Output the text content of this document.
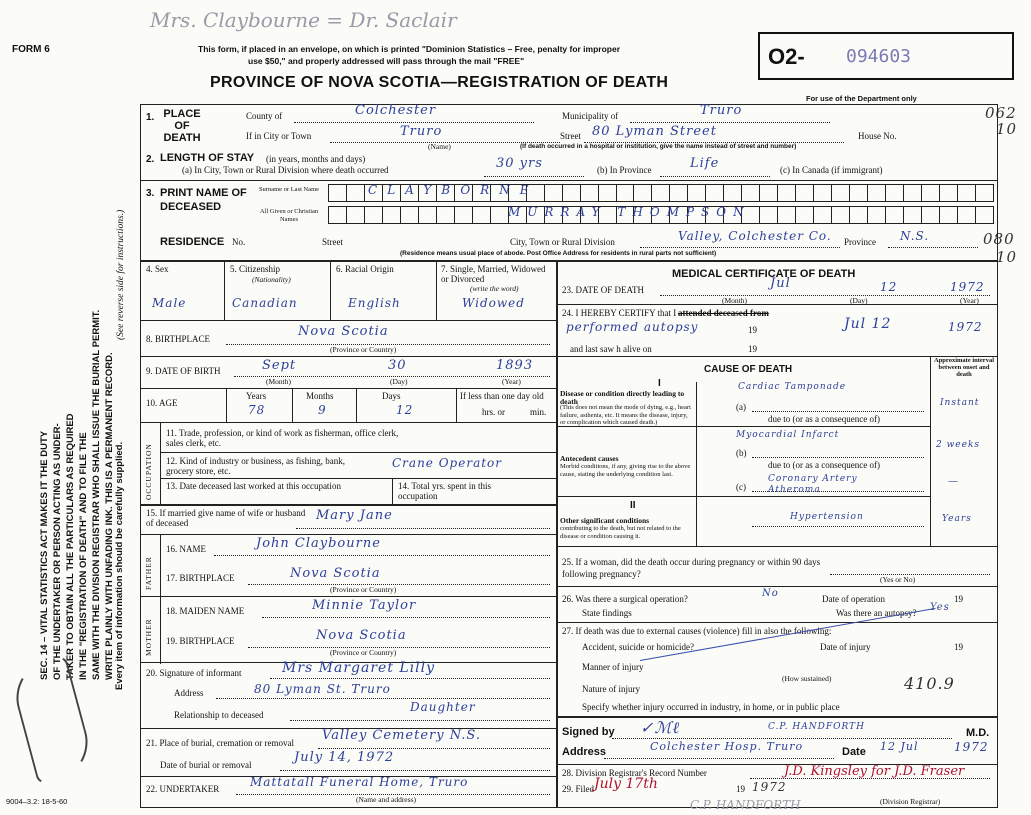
FORM 6
Mrs. Claybourne = Dr. Saclair
This form, if placed in an envelope, on which is printed "Dominion Statistics – Free, penalty for improper
use $50," and properly addressed will pass through the mail "FREE"
PROVINCE OF NOVA SCOTIA—REGISTRATION OF DEATH
O2- 094603
For use of the Department only
062
10
080
10
SEC. 14 – VITAL STATISTICS ACT MAKES IT THE DUTY OF THE UNDERTAKER OR PERSON ACTING AS UNDER- TAKER TO OBTAIN ALL THE PARTICULARS AS REQUIRED IN THE "REGISTRATION OF DEATH" AND TO FILE THE SAME WITH THE DIVISION REGISTRAR WHO SHALL ISSUE THE BURIAL PERMIT. WRITE PLAINLY WITH UNFADING INK. THIS IS A PERMANENT RECORD. Every item of information should be carefully supplied.
(See reverse side for instructions.)
9004–3.2: 18-5-60
1. PLACE OF DEATH
County of	Colchester	Municipality of	Truro
If in City or Town	Truro
(Name)
Street 80 Lyman Street	House No.
(If death occurred in a hospital or institution, give the name instead of street and number)
2. LENGTH OF STAY (in years, months and days)
(a) In City, Town or Rural Division where death occurred	30 yrs	(b) In Province	Life	(c) In Canada (if immigrant)
3. PRINT NAME OF DECEASED
Surname or Last Name
All Given or Christian Names
CLAYBORNE
MURRAY THOMPSON
RESIDENCE No.	Street	City, Town or Rural Division	Valley, Colchester Co. Province N.S.
(Residence means usual place of abode. Post Office Address for residents in rural parts not sufficient)
4. Sex	5. Citizenship
(Nationality)
6. Racial Origin	7. Single, Married, Widowed or Divorced
(write the word)
Male	Canadian	English	Widowed
8. BIRTHPLACE	Nova Scotia
(Province or Country)
9. DATE OF BIRTH	Sept	30	1893
(Month)	(Day)	(Year)
10. AGE
Years	Months	Days
78	9	12
If less than one day old
hrs. or	min.
OCCUPATION
11. Trade, profession, or kind of work as fisherman, office clerk, sales clerk, etc.
12. Kind of industry or business, as fishing, bank, grocery store, etc.
Crane Operator
13. Date deceased last worked at this occupation	14. Total yrs. spent in this occupation
15. If married give name of wife or husband of deceased	Mary Jane
FATHER
16. NAME	John Claybourne
17. BIRTHPLACE	Nova Scotia
(Province or Country)
MOTHER
18. MAIDEN NAME	Minnie Taylor
19. BIRTHPLACE	Nova Scotia
(Province or Country)
20. Signature of informant	Mrs Margaret Lilly
Address	80 Lyman St. Truro
Relationship to deceased
Daughter
21. Place of burial, cremation or removal Valley Cemetery N.S.
Date of burial or removal	July 14, 1972
22. UNDERTAKER	Mattatall Funeral Home, Truro
(Name and address)
MEDICAL CERTIFICATE OF DEATH
23. DATE OF DEATH	Jul	12	1972
(Month)	(Day)	(Year)
24. I HEREBY CERTIFY that I attended deceased from
performed autopsy	19	Jul 12	1972
and last saw h alive on	19
CAUSE OF DEATH
Approximate interval between onset and death
I
Disease or condition directly leading to death
(This does not mean the mode of dying, e.g., heart failure, asthenia, etc. It means the disease, injury, or complication which caused death.)
(a)
Cardiac Tamponade
Instant
due to (or as a consequence of)
Antecedent causes
Morbid conditions, if any, giving rise to the above cause, stating the underlying condition last.
(b)
Myocardial Infarct
2 weeks
due to (or as a consequence of)
(c)
Coronary Artery Atheroma
—
II
Other significant conditions
contributing to the death, but not related to the disease or condition causing it.
Hypertension	Years
25. If a woman, did the death occur during pregnancy or within 90 days following pregnancy?
(Yes or No)
26. Was there a surgical operation?	No	Date of operation	19
State findings	Was there an autopsy? Yes
27. If death was due to external causes (violence) fill in also the following:
Accident, suicide or homicide?	Date of injury	19
Manner of injury
(How sustained)
Nature of injury	410.9
Specify whether injury occurred in industry, in home, or in public place
Signed by ✓ℳℓ	C.P. HANDFORTH	M.D.
Address	Colchester Hosp. Truro	Date 12 Jul	1972
28. Division Registrar's Record Number
29. Filed July 17th	19 1972
J.D. Kingsley for J.D. Fraser
(Division Registrar)
C.P. HANDFORTH
